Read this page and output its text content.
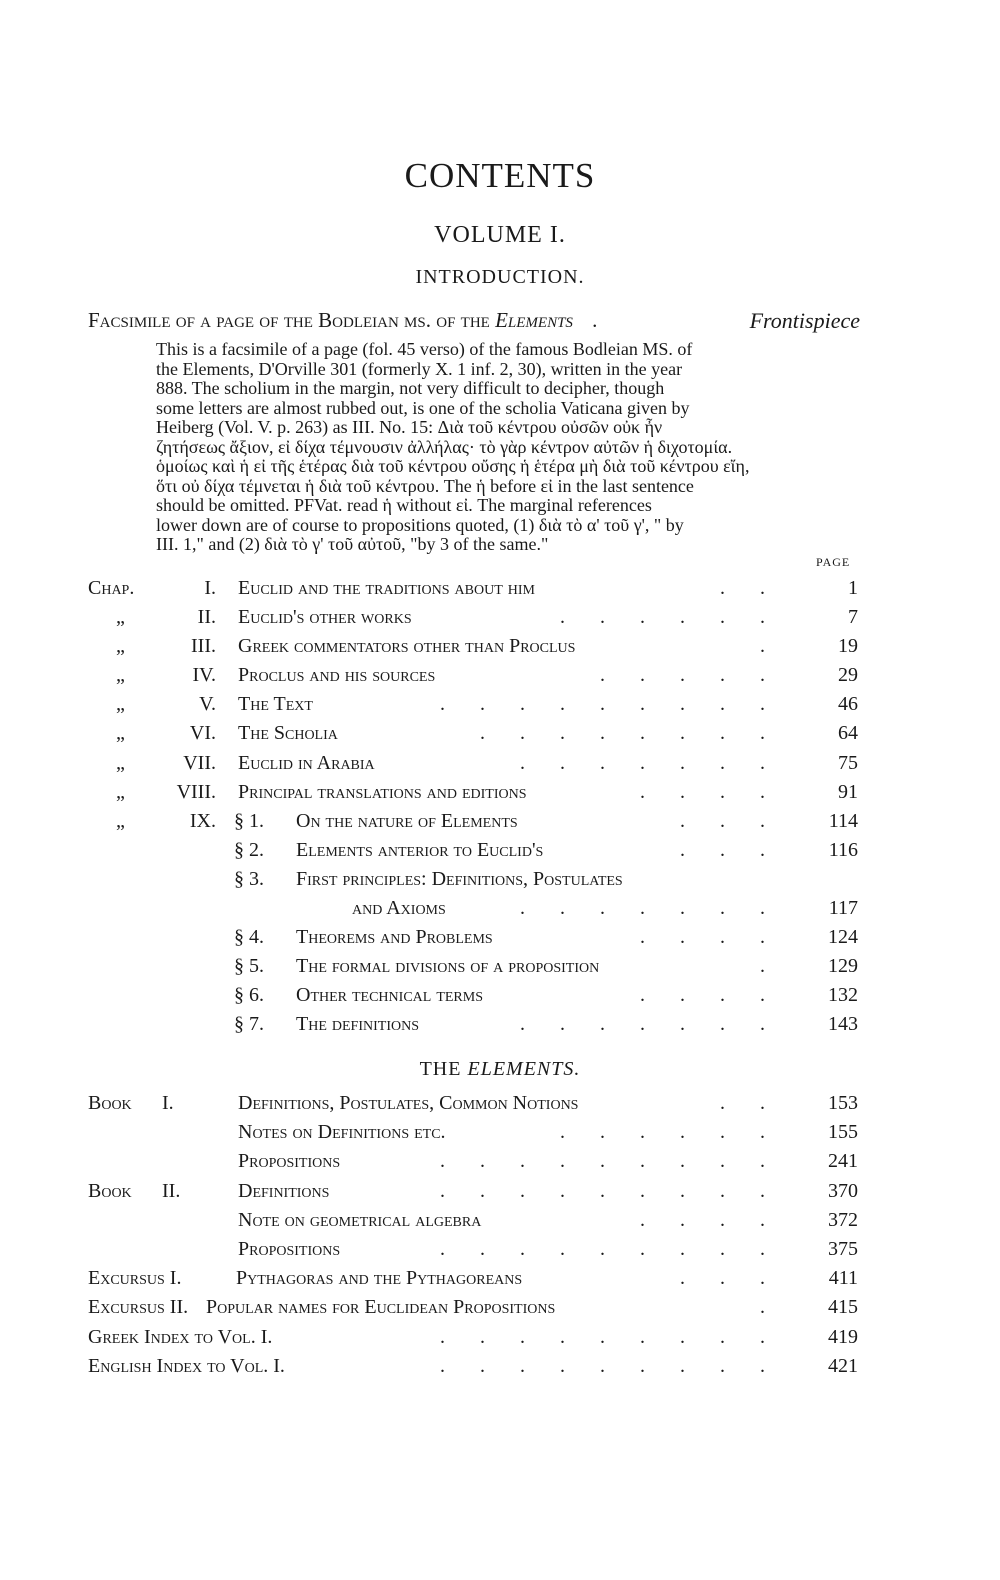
CONTENTS
VOLUME I.
INTRODUCTION.
Facsimile of a page of the Bodleian ms. of the Elements .	Frontispiece
This is a facsimile of a page (fol. 45 verso) of the famous Bodleian MS. of
the Elements, D'Orville 301 (formerly X. 1 inf. 2, 30), written in the year
888. The scholium in the margin, not very difficult to decipher, though
some letters are almost rubbed out, is one of the scholia Vaticana given by
Heiberg (Vol. V. p. 263) as III. No. 15: Διὰ τοῦ κέντρου οὐσῶν οὐκ ἦν
ζητήσεως ἄξιον, εἰ δίχα τέμνουσιν ἀλλήλας· τὸ γὰρ κέντρον αὐτῶν ἡ διχοτομία.
ὁμοίως καὶ ἡ εἰ τῆς ἑτέρας διὰ τοῦ κέντρου οὔσης ἡ ἑτέρα μὴ διὰ τοῦ κέντρου εἴη,
ὅτι οὐ δίχα τέμνεται ἡ διὰ τοῦ κέντρου. The ἡ before εἰ in the last sentence
should be omitted. PFVat. read ἡ without εἰ. The marginal references
lower down are of course to propositions quoted, (1) διὰ τὸ α' τοῦ γ', " by
III. 1," and (2) διὰ τὸ γ' τοῦ αὐτοῦ, "by 3 of the same."
PAGE
Chap.	I. Euclid and the traditions about him	. .	1
„	II. Euclid's other works	. . . . . .	7
„	III. Greek commentators other than Proclus	.	19
„	IV. Proclus and his sources	. . . . .	29
„	V. The Text	. . . . . . . . .	46
„	VI. The Scholia	. . . . . . . .	64
„	VII. Euclid in Arabia	. . . . . . .	75
„	VIII. Principal translations and editions	. . . .	91
„	IX. § 1. On the nature of Elements	. . .	114
§ 2. Elements anterior to Euclid's	. . .	116
§ 3. First principles: Definitions, Postulates
and Axioms	. . . . . . .	117
§ 4. Theorems and Problems	. . . .	124
§ 5. The formal divisions of a proposition	.	129
§ 6. Other technical terms	. . . .	132
§ 7. The definitions	. . . . . . .	143
THE ELEMENTS.
Book I.	Definitions, Postulates, Common Notions	. .	153
Notes on Definitions etc.	. . . . . .	155
Propositions	. . . . . . . . .	241
Book II.	Definitions	. . . . . . . . .	370
Note on geometrical algebra	. . . .	372
Propositions	. . . . . . . . .	375
Excursus I.	Pythagoras and the Pythagoreans	. . .	411
Excursus II. Popular names for Euclidean Propositions	.	415
Greek Index to Vol. I.	. . . . . . . . .	419
English Index to Vol. I.	. . . . . . . . .	421
